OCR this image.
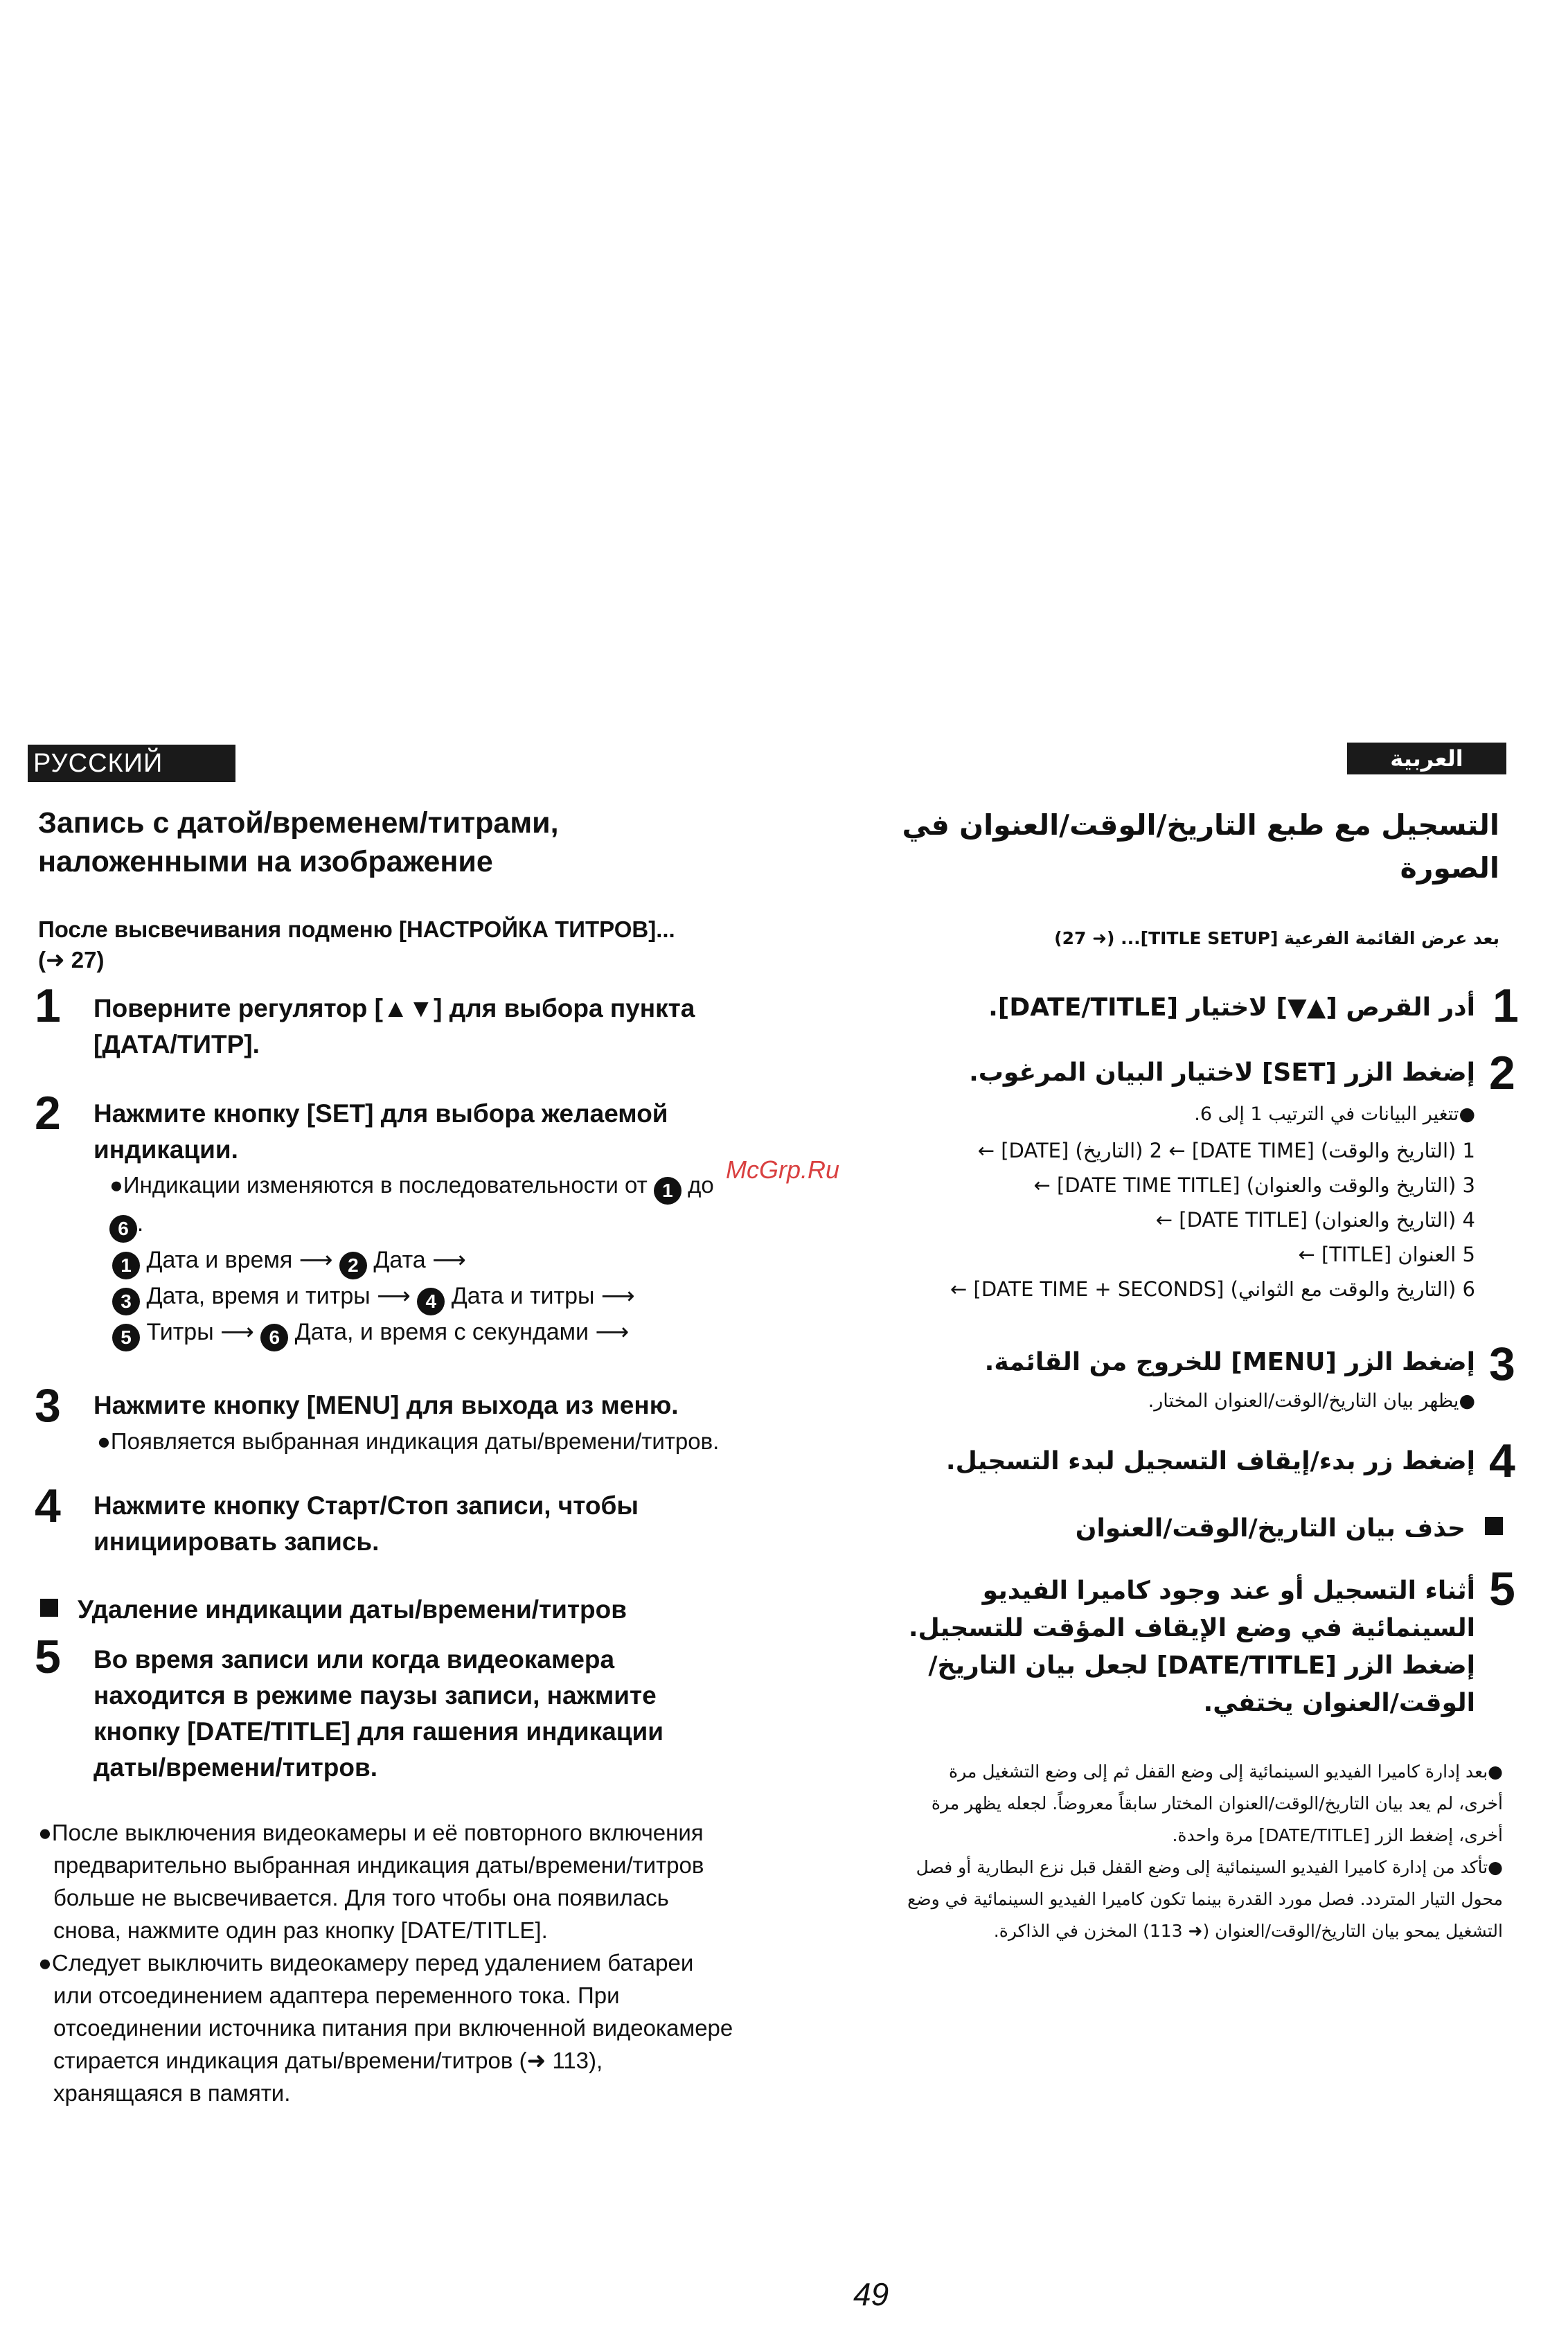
РУССКИЙ ЯЗЫК
Запись с датой/временем/титрами,
наложенными на изображение
После высвечивания подменю [НАСТРОЙКА ТИТРОВ]...
(➜ 27)
1 Поверните регулятор [▲▼] для выбора пункта
[ДАТА/ТИТР].
2 Нажмите кнопку [SET] для выбора желаемой
индикации.
●Индикации изменяются в последовательности от 1 до
6 .
1 Дата и время ⟶ 2 Дата ⟶
3 Дата, время и титры ⟶ 4 Дата и титры ⟶
5 Титры ⟶ 6 Дата, и время с секундами ⟶
3 Нажмите кнопку [MENU] для выхода из меню.
●Появляется выбранная индикация даты/времени/титров.
4 Нажмите кнопку Старт/Стоп записи, чтобы
инициировать запись.
Удаление индикации даты/времени/титров
5 Во время записи или когда видеокамера
находится в режиме паузы записи, нажмите
кнопку [DATE/TITLE] для гашения индикации
даты/времени/титров.
●После выключения видеокамеры и её повторного включения
предварительно выбранная индикация даты/времени/титров
больше не высвечивается. Для того чтобы она появилась
снова, нажмите один раз кнопку [DATE/TITLE].
●Следует выключить видеокамеру перед удалением батареи
или отсоединением адаптера переменного тока. При
отсоединении источника питания при включенной видеокамере
стирается индикация даты/времени/титров (➜ 113),
хранящаяся в памяти.
العربية
التسجيل مع طبع التاريخ/الوقت/العنوان في
الصورة
بعد عرض القائمة الفرعية [TITLE SETUP]... (➜ 27)
1
أدر القرص [▲▼] لاختيار [DATE/TITLE].
2
إضغط الزر [SET] لاختيار البيان المرغوب.
●تتغير البيانات في الترتيب 1 إلى 6.
1 (التاريخ والوقت) [DATE TIME] ← 2 (التاريخ) [DATE] ←
3 (التاريخ والوقت والعنوان) [DATE TIME TITLE] ←
4 (التاريخ والعنوان) [DATE TITLE] ←
5 العنوان [TITLE] ←
6 (التاريخ والوقت مع الثواني) [DATE TIME + SECONDS] ←
3
إضغط الزر [MENU] للخروج من القائمة.
●يظهر بيان التاريخ/الوقت/العنوان المختار.
4
إضغط زر بدء/إيقاف التسجيل لبدء التسجيل.
حذف بيان التاريخ/الوقت/العنوان
5
أثناء التسجيل أو عند وجود كاميرا الفيديو
السينمائية في وضع الإيقاف المؤقت للتسجيل.
إضغط الزر [DATE/TITLE] لجعل بيان التاريخ/
الوقت/العنوان يختفي.
●بعد إدارة كاميرا الفيديو السينمائية إلى وضع القفل ثم إلى وضع التشغيل مرة
أخرى، لم يعد بيان التاريخ/الوقت/العنوان المختار سابقاً معروضاً. لجعله يظهر مرة
أخرى، إضغط الزر [DATE/TITLE] مرة واحدة.
●تأكد من إدارة كاميرا الفيديو السينمائية إلى وضع القفل قبل نزع البطارية أو فصل
محول التيار المتردد. فصل مورد القدرة بينما تكون كاميرا الفيديو السينمائية في وضع
التشغيل يمحو بيان التاريخ/الوقت/العنوان (➜ 113) المخزن في الذاكرة.
McGrp.Ru
49
